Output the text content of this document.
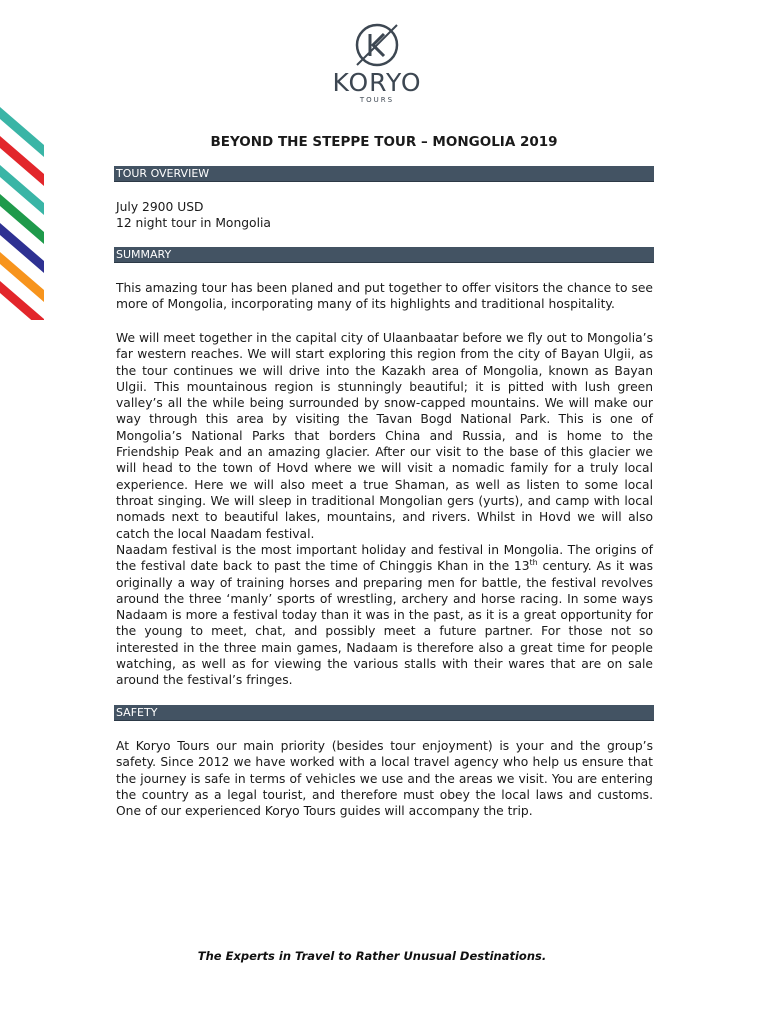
KORYO
TOURS
BEYOND THE STEPPE TOUR – MONGOLIA 2019
TOUR OVERVIEW

July 2900 USD

12 night tour in Mongolia

SUMMARY

This amazing tour has been planed and put together to offer visitors the chance to see more of Mongolia, incorporating many of its highlights and traditional hospitality.

We will meet together in the capital city of Ulaanbaatar before we fly out to Mongolia’s far western reaches. We will start exploring this region from the city of Bayan Ulgii, as the tour continues we will drive into the Kazakh area of Mongolia, known as Bayan Ulgii. This mountainous region is stunningly beautiful; it is pitted with lush green valley’s all the while being surrounded by snow-capped mountains. We will make our way through this area by visiting the Tavan Bogd National Park. This is one of Mongolia’s National Parks that borders China and Russia, and is home to the Friendship Peak and an amazing glacier. After our visit to the base of this glacier we will head to the town of Hovd where we will visit a nomadic family for a truly local experience. Here we will also meet a true Shaman, as well as listen to some local throat singing. We will sleep in traditional Mongolian gers (yurts), and camp with local nomads next to beautiful lakes, mountains, and rivers. Whilst in Hovd we will also catch the local Naadam festival.

Naadam festival is the most important holiday and festival in Mongolia. The origins of the festival date back to past the time of Chinggis Khan in the 13th century. As it was originally a way of training horses and preparing men for battle, the festival revolves around the three ‘manly’ sports of wrestling, archery and horse racing. In some ways Nadaam is more a festival today than it was in the past, as it is a great opportunity for the young to meet, chat, and possibly meet a future partner. For those not so interested in the three main games, Nadaam is therefore also a great time for people watching, as well as for viewing the various stalls with their wares that are on sale around the festival’s fringes.

SAFETY

At Koryo Tours our main priority (besides tour enjoyment) is your and the group’s safety. Since 2012 we have worked with a local travel agency who help us ensure that the journey is safe in terms of vehicles we use and the areas we visit. You are entering the country as a legal tourist, and therefore must obey the local laws and customs. One of our experienced Koryo Tours guides will accompany the trip.

The Experts in Travel to Rather Unusual Destinations.
